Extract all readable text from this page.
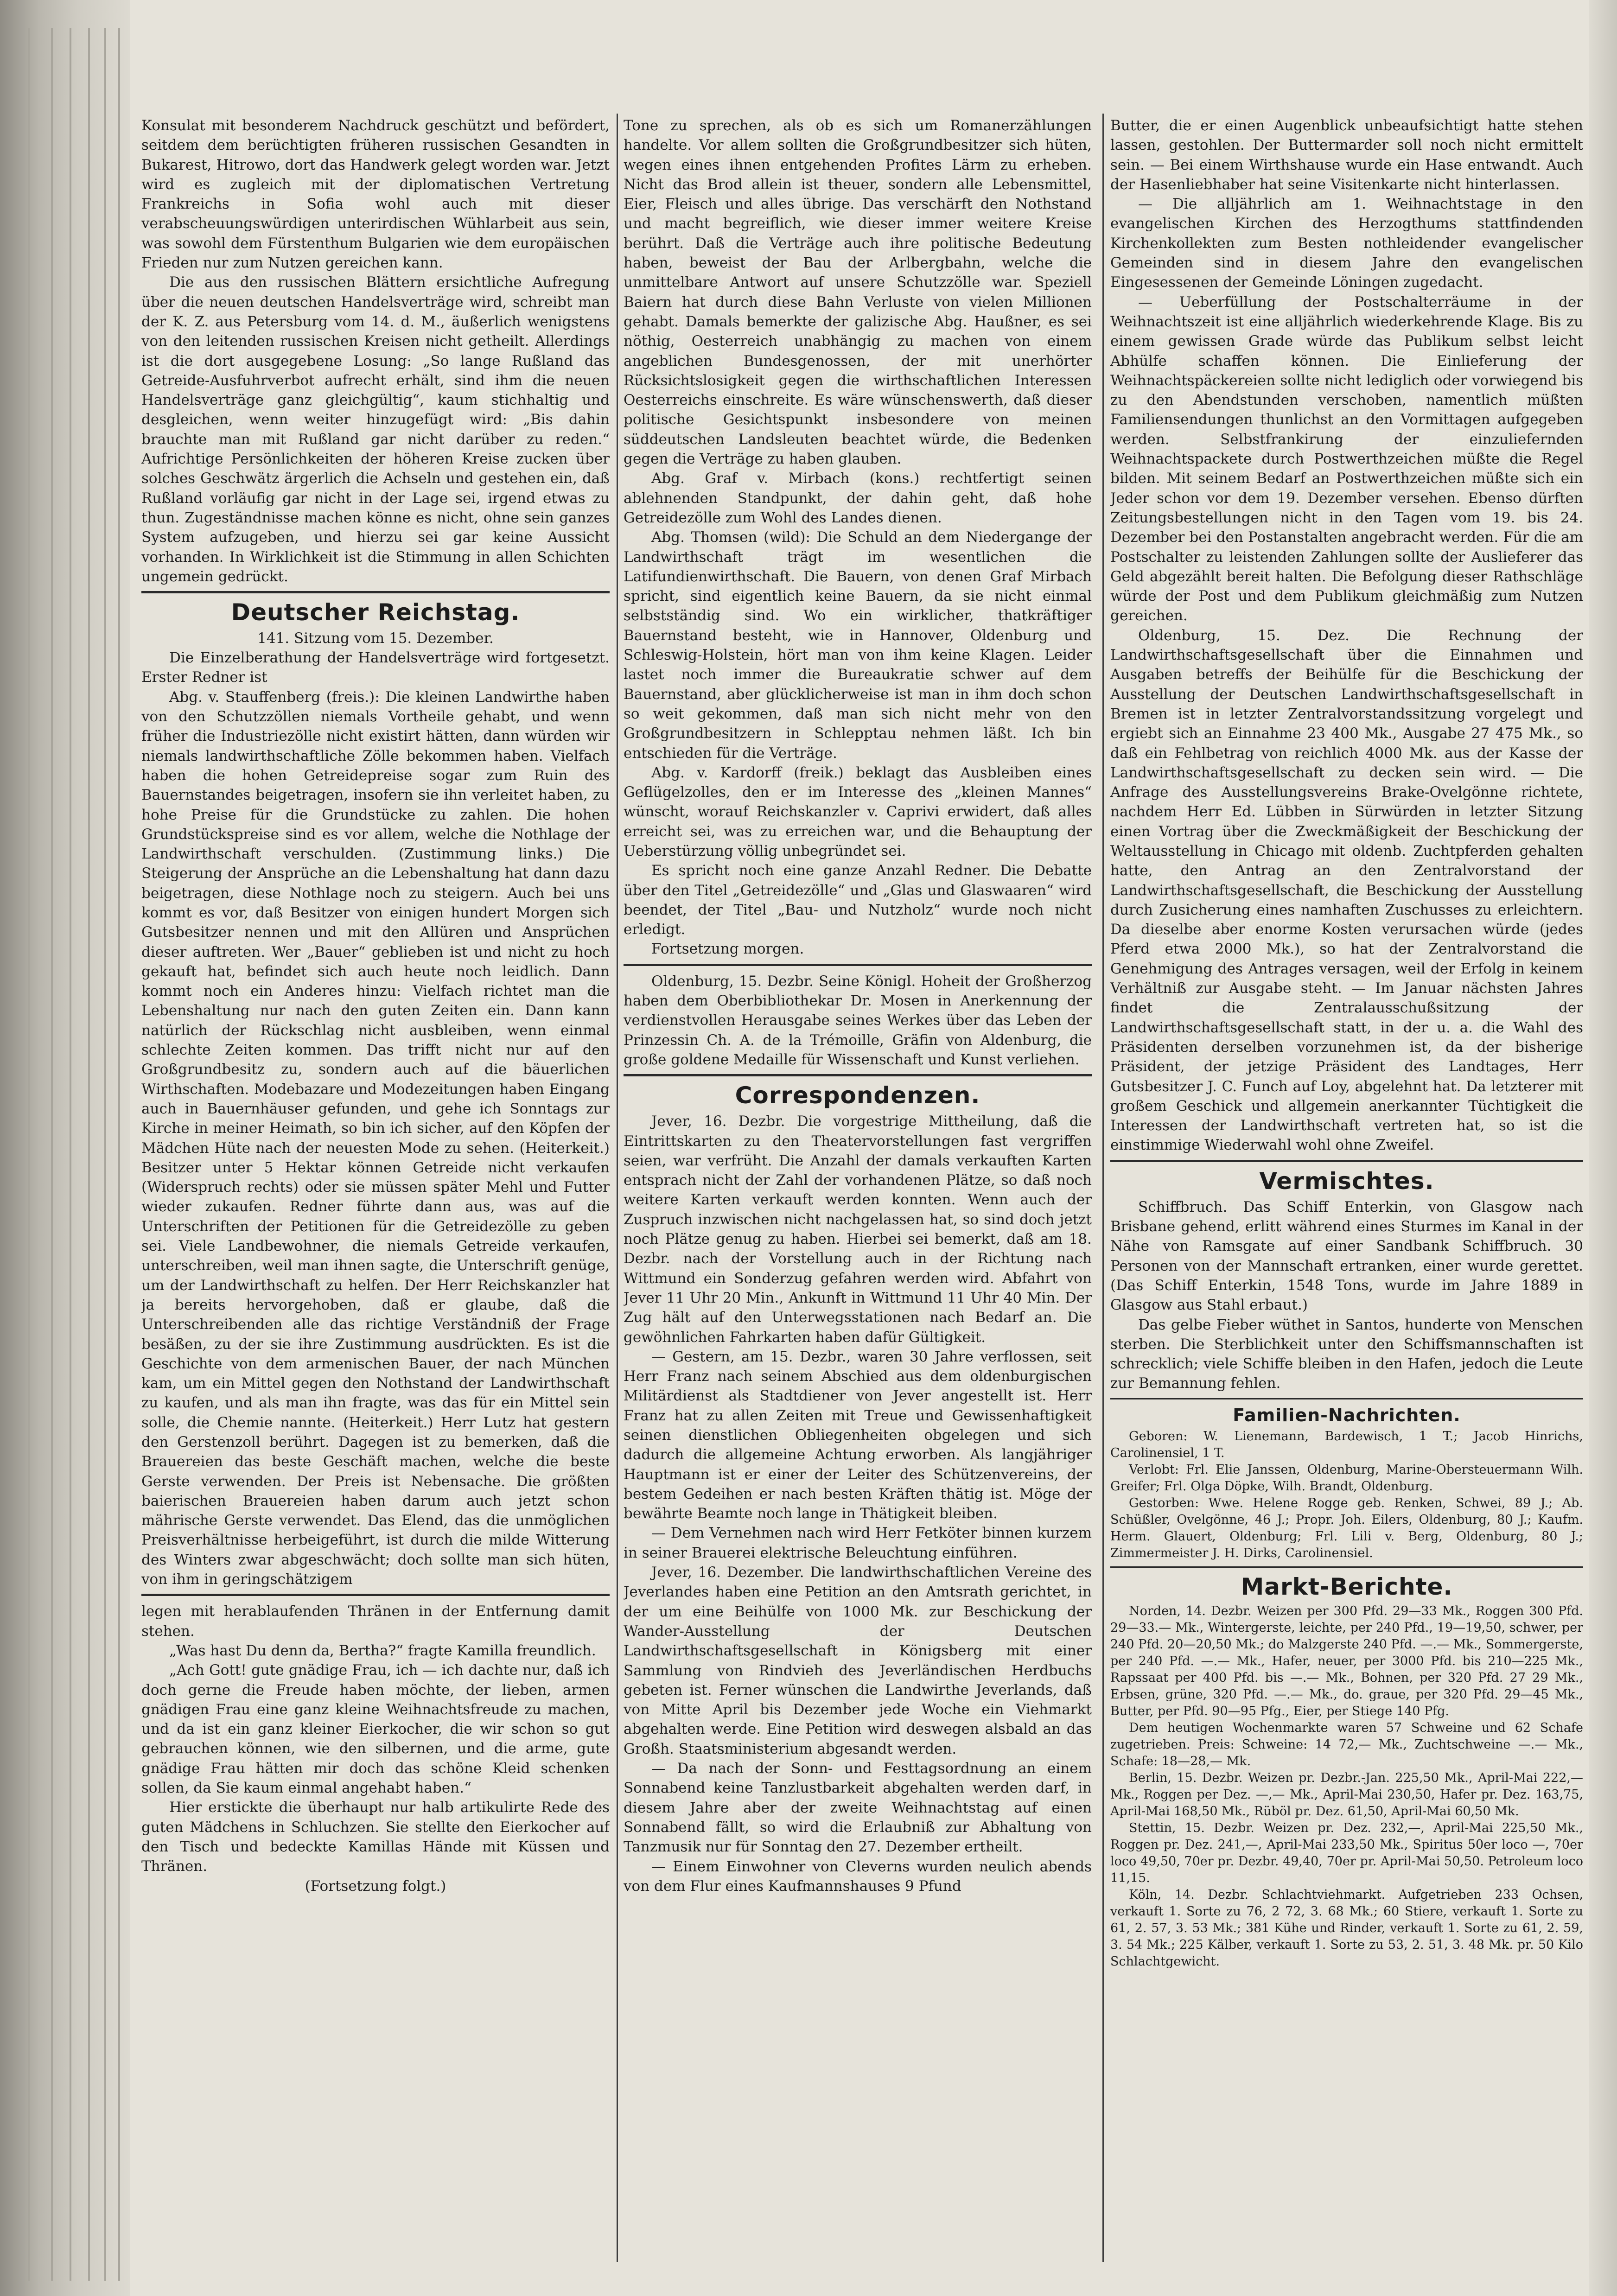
Konsulat mit besonderem Nachdruck geschützt und befördert, seitdem dem berüchtigten früheren russischen Gesandten in Bukarest, Hitrowo, dort das Handwerk gelegt worden war. Jetzt wird es zugleich mit der diplomatischen Vertretung Frankreichs in Sofia wohl auch mit dieser verabscheuungswürdigen unterirdischen Wühlarbeit aus sein, was sowohl dem Fürstenthum Bulgarien wie dem europäischen Frieden nur zum Nutzen gereichen kann.

Die aus den russischen Blättern ersichtliche Aufregung über die neuen deutschen Handelsverträge wird, schreibt man der K. Z. aus Petersburg vom 14. d. M., äußerlich wenigstens von den leitenden russischen Kreisen nicht getheilt. Allerdings ist die dort ausgegebene Losung: „So lange Rußland das Getreide-Ausfuhrverbot aufrecht erhält, sind ihm die neuen Handelsverträge ganz gleichgültig“, kaum stichhaltig und desgleichen, wenn weiter hinzugefügt wird: „Bis dahin brauchte man mit Rußland gar nicht darüber zu reden.“ Aufrichtige Persönlichkeiten der höheren Kreise zucken über solches Geschwätz ärgerlich die Achseln und gestehen ein, daß Rußland vorläufig gar nicht in der Lage sei, irgend etwas zu thun. Zugeständnisse machen könne es nicht, ohne sein ganzes System aufzugeben, und hierzu sei gar keine Aussicht vorhanden. In Wirklichkeit ist die Stimmung in allen Schichten ungemein gedrückt.

Deutscher Reichstag.

141. Sitzung vom 15. Dezember.

Die Einzelberathung der Handelsverträge wird fortgesetzt. Erster Redner ist

Abg. v. Stauffenberg (freis.): Die kleinen Landwirthe haben von den Schutzzöllen niemals Vortheile gehabt, und wenn früher die Industriezölle nicht existirt hätten, dann würden wir niemals landwirthschaftliche Zölle bekommen haben. Vielfach haben die hohen Getreidepreise sogar zum Ruin des Bauernstandes beigetragen, insofern sie ihn verleitet haben, zu hohe Preise für die Grundstücke zu zahlen. Die hohen Grundstückspreise sind es vor allem, welche die Nothlage der Landwirthschaft verschulden. (Zustimmung links.) Die Steigerung der Ansprüche an die Lebenshaltung hat dann dazu beigetragen, diese Nothlage noch zu steigern. Auch bei uns kommt es vor, daß Besitzer von einigen hundert Morgen sich Gutsbesitzer nennen und mit den Allüren und Ansprüchen dieser auftreten. Wer „Bauer“ geblieben ist und nicht zu hoch gekauft hat, befindet sich auch heute noch leidlich. Dann kommt noch ein Anderes hinzu: Vielfach richtet man die Lebenshaltung nur nach den guten Zeiten ein. Dann kann natürlich der Rückschlag nicht ausbleiben, wenn einmal schlechte Zeiten kommen. Das trifft nicht nur auf den Großgrundbesitz zu, sondern auch auf die bäuerlichen Wirthschaften. Modebazare und Modezeitungen haben Eingang auch in Bauernhäuser gefunden, und gehe ich Sonntags zur Kirche in meiner Heimath, so bin ich sicher, auf den Köpfen der Mädchen Hüte nach der neuesten Mode zu sehen. (Heiterkeit.) Besitzer unter 5 Hektar können Getreide nicht verkaufen (Widerspruch rechts) oder sie müssen später Mehl und Futter wieder zukaufen. Redner führte dann aus, was auf die Unterschriften der Petitionen für die Getreidezölle zu geben sei. Viele Landbewohner, die niemals Getreide verkaufen, unterschreiben, weil man ihnen sagte, die Unterschrift genüge, um der Landwirthschaft zu helfen. Der Herr Reichskanzler hat ja bereits hervorgehoben, daß er glaube, daß die Unterschreibenden alle das richtige Verständniß der Frage besäßen, zu der sie ihre Zustimmung ausdrückten. Es ist die Geschichte von dem armenischen Bauer, der nach München kam, um ein Mittel gegen den Nothstand der Landwirthschaft zu kaufen, und als man ihn fragte, was das für ein Mittel sein solle, die Chemie nannte. (Heiterkeit.) Herr Lutz hat gestern den Gerstenzoll berührt. Dagegen ist zu bemerken, daß die Brauereien das beste Geschäft machen, welche die beste Gerste verwenden. Der Preis ist Nebensache. Die größten baierischen Brauereien haben darum auch jetzt schon mährische Gerste verwendet. Das Elend, das die unmöglichen Preisverhältnisse herbeigeführt, ist durch die milde Witterung des Winters zwar abgeschwächt; doch sollte man sich hüten, von ihm in geringschätzigem

legen mit herablaufenden Thränen in der Entfernung damit stehen.

„Was hast Du denn da, Bertha?“ fragte Kamilla freundlich.

„Ach Gott! gute gnädige Frau, ich — ich dachte nur, daß ich doch gerne die Freude haben möchte, der lieben, armen gnädigen Frau eine ganz kleine Weihnachtsfreude zu machen, und da ist ein ganz kleiner Eierkocher, die wir schon so gut gebrauchen können, wie den silbernen, und die arme, gute gnädige Frau hätten mir doch das schöne Kleid schenken sollen, da Sie kaum einmal angehabt haben.“

Hier erstickte die überhaupt nur halb artikulirte Rede des guten Mädchens in Schluchzen. Sie stellte den Eierkocher auf den Tisch und bedeckte Kamillas Hände mit Küssen und Thränen.

(Fortsetzung folgt.)

Tone zu sprechen, als ob es sich um Romanerzählungen handelte. Vor allem sollten die Großgrundbesitzer sich hüten, wegen eines ihnen entgehenden Profites Lärm zu erheben. Nicht das Brod allein ist theuer, sondern alle Lebensmittel, Eier, Fleisch und alles übrige. Das verschärft den Nothstand und macht begreiflich, wie dieser immer weitere Kreise berührt. Daß die Verträge auch ihre politische Bedeutung haben, beweist der Bau der Arlbergbahn, welche die unmittelbare Antwort auf unsere Schutzzölle war. Speziell Baiern hat durch diese Bahn Verluste von vielen Millionen gehabt. Damals bemerkte der galizische Abg. Haußner, es sei nöthig, Oesterreich unabhängig zu machen von einem angeblichen Bundesgenossen, der mit unerhörter Rücksichtslosigkeit gegen die wirthschaftlichen Interessen Oesterreichs einschreite. Es wäre wünschenswerth, daß dieser politische Gesichtspunkt insbesondere von meinen süddeutschen Landsleuten beachtet würde, die Bedenken gegen die Verträge zu haben glauben.

Abg. Graf v. Mirbach (kons.) rechtfertigt seinen ablehnenden Standpunkt, der dahin geht, daß hohe Getreidezölle zum Wohl des Landes dienen.

Abg. Thomsen (wild): Die Schuld an dem Niedergange der Landwirthschaft trägt im wesentlichen die Latifundienwirthschaft. Die Bauern, von denen Graf Mirbach spricht, sind eigentlich keine Bauern, da sie nicht einmal selbstständig sind. Wo ein wirklicher, thatkräftiger Bauernstand besteht, wie in Hannover, Oldenburg und Schleswig-Holstein, hört man von ihm keine Klagen. Leider lastet noch immer die Bureaukratie schwer auf dem Bauernstand, aber glücklicherweise ist man in ihm doch schon so weit gekommen, daß man sich nicht mehr von den Großgrundbesitzern in Schlepptau nehmen läßt. Ich bin entschieden für die Verträge.

Abg. v. Kardorff (freik.) beklagt das Ausbleiben eines Geflügelzolles, den er im Interesse des „kleinen Mannes“ wünscht, worauf Reichskanzler v. Caprivi erwidert, daß alles erreicht sei, was zu erreichen war, und die Behauptung der Ueberstürzung völlig unbegründet sei.

Es spricht noch eine ganze Anzahl Redner. Die Debatte über den Titel „Getreidezölle“ und „Glas und Glaswaaren“ wird beendet, der Titel „Bau- und Nutzholz“ wurde noch nicht erledigt.

Fortsetzung morgen.

Oldenburg, 15. Dezbr. Seine Königl. Hoheit der Großherzog haben dem Oberbibliothekar Dr. Mosen in Anerkennung der verdienstvollen Herausgabe seines Werkes über das Leben der Prinzessin Ch. A. de la Trémoille, Gräfin von Aldenburg, die große goldene Medaille für Wissenschaft und Kunst verliehen.

Correspondenzen.

Jever, 16. Dezbr. Die vorgestrige Mittheilung, daß die Eintrittskarten zu den Theatervorstellungen fast vergriffen seien, war verfrüht. Die Anzahl der damals verkauften Karten entsprach nicht der Zahl der vorhandenen Plätze, so daß noch weitere Karten verkauft werden konnten. Wenn auch der Zuspruch inzwischen nicht nachgelassen hat, so sind doch jetzt noch Plätze genug zu haben. Hierbei sei bemerkt, daß am 18. Dezbr. nach der Vorstellung auch in der Richtung nach Wittmund ein Sonderzug gefahren werden wird. Abfahrt von Jever 11 Uhr 20 Min., Ankunft in Wittmund 11 Uhr 40 Min. Der Zug hält auf den Unterwegsstationen nach Bedarf an. Die gewöhnlichen Fahrkarten haben dafür Gültigkeit.

— Gestern, am 15. Dezbr., waren 30 Jahre verflossen, seit Herr Franz nach seinem Abschied aus dem oldenburgischen Militärdienst als Stadtdiener von Jever angestellt ist. Herr Franz hat zu allen Zeiten mit Treue und Gewissenhaftigkeit seinen dienstlichen Obliegenheiten obgelegen und sich dadurch die allgemeine Achtung erworben. Als langjähriger Hauptmann ist er einer der Leiter des Schützenvereins, der bestem Gedeihen er nach besten Kräften thätig ist. Möge der bewährte Beamte noch lange in Thätigkeit bleiben.

— Dem Vernehmen nach wird Herr Fetköter binnen kurzem in seiner Brauerei elektrische Beleuchtung einführen.

Jever, 16. Dezember. Die landwirthschaftlichen Vereine des Jeverlandes haben eine Petition an den Amtsrath gerichtet, in der um eine Beihülfe von 1000 Mk. zur Beschickung der Wander-Ausstellung der Deutschen Landwirthschaftsgesellschaft in Königsberg mit einer Sammlung von Rindvieh des Jeverländischen Herdbuchs gebeten ist. Ferner wünschen die Landwirthe Jeverlands, daß von Mitte April bis Dezember jede Woche ein Viehmarkt abgehalten werde. Eine Petition wird deswegen alsbald an das Großh. Staatsministerium abgesandt werden.

— Da nach der Sonn- und Festtagsordnung an einem Sonnabend keine Tanzlustbarkeit abgehalten werden darf, in diesem Jahre aber der zweite Weihnachtstag auf einen Sonnabend fällt, so wird die Erlaubniß zur Abhaltung von Tanzmusik nur für Sonntag den 27. Dezember ertheilt.

— Einem Einwohner von Cleverns wurden neulich abends von dem Flur eines Kaufmannshauses 9 Pfund

Butter, die er einen Augenblick unbeaufsichtigt hatte stehen lassen, gestohlen. Der Buttermarder soll noch nicht ermittelt sein. — Bei einem Wirthshause wurde ein Hase entwandt. Auch der Hasenliebhaber hat seine Visitenkarte nicht hinterlassen.

— Die alljährlich am 1. Weihnachtstage in den evangelischen Kirchen des Herzogthums stattfindenden Kirchenkollekten zum Besten nothleidender evangelischer Gemeinden sind in diesem Jahre den evangelischen Eingesessenen der Gemeinde Löningen zugedacht.

— Ueberfüllung der Postschalterräume in der Weihnachtszeit ist eine alljährlich wiederkehrende Klage. Bis zu einem gewissen Grade würde das Publikum selbst leicht Abhülfe schaffen können. Die Einlieferung der Weihnachtspäckereien sollte nicht lediglich oder vorwiegend bis zu den Abendstunden verschoben, namentlich müßten Familiensendungen thunlichst an den Vormittagen aufgegeben werden. Selbstfrankirung der einzuliefernden Weihnachtspackete durch Postwerthzeichen müßte die Regel bilden. Mit seinem Bedarf an Postwerthzeichen müßte sich ein Jeder schon vor dem 19. Dezember versehen. Ebenso dürften Zeitungsbestellungen nicht in den Tagen vom 19. bis 24. Dezember bei den Postanstalten angebracht werden. Für die am Postschalter zu leistenden Zahlungen sollte der Auslieferer das Geld abgezählt bereit halten. Die Befolgung dieser Rathschläge würde der Post und dem Publikum gleichmäßig zum Nutzen gereichen.

Oldenburg, 15. Dez. Die Rechnung der Landwirthschaftsgesellschaft über die Einnahmen und Ausgaben betreffs der Beihülfe für die Beschickung der Ausstellung der Deutschen Landwirthschaftsgesellschaft in Bremen ist in letzter Zentralvorstandssitzung vorgelegt und ergiebt sich an Einnahme 23 400 Mk., Ausgabe 27 475 Mk., so daß ein Fehlbetrag von reichlich 4000 Mk. aus der Kasse der Landwirthschaftsgesellschaft zu decken sein wird. — Die Anfrage des Ausstellungsvereins Brake-Ovelgönne richtete, nachdem Herr Ed. Lübben in Sürwürden in letzter Sitzung einen Vortrag über die Zweckmäßigkeit der Beschickung der Weltausstellung in Chicago mit oldenb. Zuchtpferden gehalten hatte, den Antrag an den Zentralvorstand der Landwirthschaftsgesellschaft, die Beschickung der Ausstellung durch Zusicherung eines namhaften Zuschusses zu erleichtern. Da dieselbe aber enorme Kosten verursachen würde (jedes Pferd etwa 2000 Mk.), so hat der Zentralvorstand die Genehmigung des Antrages versagen, weil der Erfolg in keinem Verhältniß zur Ausgabe steht. — Im Januar nächsten Jahres findet die Zentralausschußsitzung der Landwirthschaftsgesellschaft statt, in der u. a. die Wahl des Präsidenten derselben vorzunehmen ist, da der bisherige Präsident, der jetzige Präsident des Landtages, Herr Gutsbesitzer J. C. Funch auf Loy, abgelehnt hat. Da letzterer mit großem Geschick und allgemein anerkannter Tüchtigkeit die Interessen der Landwirthschaft vertreten hat, so ist die einstimmige Wiederwahl wohl ohne Zweifel.

Vermischtes.

Schiffbruch. Das Schiff Enterkin, von Glasgow nach Brisbane gehend, erlitt während eines Sturmes im Kanal in der Nähe von Ramsgate auf einer Sandbank Schiffbruch. 30 Personen von der Mannschaft ertranken, einer wurde gerettet. (Das Schiff Enterkin, 1548 Tons, wurde im Jahre 1889 in Glasgow aus Stahl erbaut.)

Das gelbe Fieber wüthet in Santos, hunderte von Menschen sterben. Die Sterblichkeit unter den Schiffsmannschaften ist schrecklich; viele Schiffe bleiben in den Hafen, jedoch die Leute zur Bemannung fehlen.

Familien-Nachrichten.

Geboren: W. Lienemann, Bardewisch, 1 T.; Jacob Hinrichs, Carolinensiel, 1 T.

Verlobt: Frl. Elie Janssen, Oldenburg, Marine-Obersteuermann Wilh. Greifer; Frl. Olga Döpke, Wilh. Brandt, Oldenburg.

Gestorben: Wwe. Helene Rogge geb. Renken, Schwei, 89 J.; Ab. Schüßler, Ovelgönne, 46 J.; Propr. Joh. Eilers, Oldenburg, 80 J.; Kaufm. Herm. Glauert, Oldenburg; Frl. Lili v. Berg, Oldenburg, 80 J.; Zimmermeister J. H. Dirks, Carolinensiel.

Markt-Berichte.

Norden, 14. Dezbr. Weizen per 300 Pfd. 29—33 Mk., Roggen 300 Pfd. 29—33.— Mk., Wintergerste, leichte, per 240 Pfd., 19—19,50, schwer, per 240 Pfd. 20—20,50 Mk.; do Malzgerste 240 Pfd. —.— Mk., Sommergerste, per 240 Pfd. —.— Mk., Hafer, neuer, per 3000 Pfd. bis 210—225 Mk., Rapssaat per 400 Pfd. bis —.— Mk., Bohnen, per 320 Pfd. 27 29 Mk., Erbsen, grüne, 320 Pfd. —.— Mk., do. graue, per 320 Pfd. 29—45 Mk., Butter, per Pfd. 90—95 Pfg., Eier, per Stiege 140 Pfg.

Dem heutigen Wochenmarkte waren 57 Schweine und 62 Schafe zugetrieben. Preis: Schweine: 14 72,— Mk., Zuchtschweine —.— Mk., Schafe: 18—28,— Mk.

Berlin, 15. Dezbr. Weizen pr. Dezbr.-Jan. 225,50 Mk., April-Mai 222,— Mk., Roggen per Dez. —,— Mk., April-Mai 230,50, Hafer pr. Dez. 163,75, April-Mai 168,50 Mk., Rüböl pr. Dez. 61,50, April-Mai 60,50 Mk.

Stettin, 15. Dezbr. Weizen pr. Dez. 232,—, April-Mai 225,50 Mk., Roggen pr. Dez. 241,—, April-Mai 233,50 Mk., Spiritus 50er loco —, 70er loco 49,50, 70er pr. Dezbr. 49,40, 70er pr. April-Mai 50,50. Petroleum loco 11,15.

Köln, 14. Dezbr. Schlachtviehmarkt. Aufgetrieben 233 Ochsen, verkauft 1. Sorte zu 76, 2 72, 3. 68 Mk.; 60 Stiere, verkauft 1. Sorte zu 61, 2. 57, 3. 53 Mk.; 381 Kühe und Rinder, verkauft 1. Sorte zu 61, 2. 59, 3. 54 Mk.; 225 Kälber, verkauft 1. Sorte zu 53, 2. 51, 3. 48 Mk. pr. 50 Kilo Schlachtgewicht.
